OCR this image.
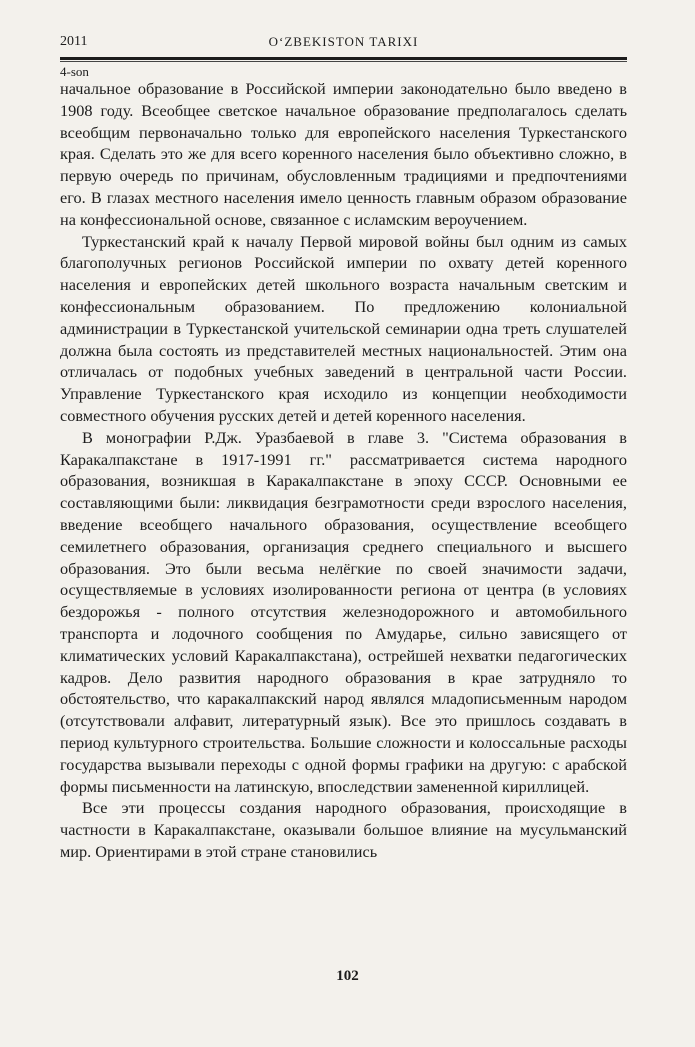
2011	O‘ZBEKISTON TARIXI
4-son

начальное образование в Российской империи законодательно было введено в 1908 году. Всеобщее светское начальное образование предполагалось сделать всеобщим первоначально только для европейского населения Туркестанского края. Сделать это же для всего коренного населения было объективно сложно, в первую очередь по причинам, обусловленным традициями и предпочтениями его. В глазах местного населения имело ценность главным образом образование на конфессиональной основе, связанное с исламским вероучением.

Туркестанский край к началу Первой мировой войны был одним из самых благополучных регионов Российской империи по охвату детей коренного населения и европейских детей школьного возраста начальным светским и конфессиональным образованием. По предложению колониальной администрации в Туркестанской учительской семинарии одна треть слушателей должна была состоять из представителей местных национальностей. Этим она отличалась от подобных учебных заведений в центральной части России. Управление Туркестанского края исходило из концепции необходимости совместного обучения русских детей и детей коренного населения.

В монографии Р.Дж. Уразбаевой в главе 3. "Система образования в Каракалпакстане в 1917-1991 гг." рассматривается система народного образования, возникшая в Каракалпакстане в эпоху СССР. Основными ее составляющими были: ликвидация безграмотности среди взрослого населения, введение всеобщего начального образования, осуществление всеобщего семилетнего образования, организация среднего специального и высшего образования. Это были весьма нелёгкие по своей значимости задачи, осуществляемые в условиях изолированности региона от центра (в условиях бездорожья - полного отсутствия железнодорожного и автомобильного транспорта и лодочного сообщения по Амударье, сильно зависящего от климатических условий Каракалпакстана), острейшей нехватки педагогических кадров. Дело развития народного образования в крае затрудняло то обстоятельство, что каракалпакский народ являлся младописьменным народом (отсутствовали алфавит, литературный язык). Все это пришлось создавать в период культурного строительства. Большие сложности и колоссальные расходы государства вызывали переходы с одной формы графики на другую: с арабской формы письменности на латинскую, впоследствии замененной кириллицей.

Все эти процессы создания народного образования, происходящие в частности в Каракалпакстане, оказывали большое влияние на мусульманский мир. Ориентирами в этой стране становились

102
